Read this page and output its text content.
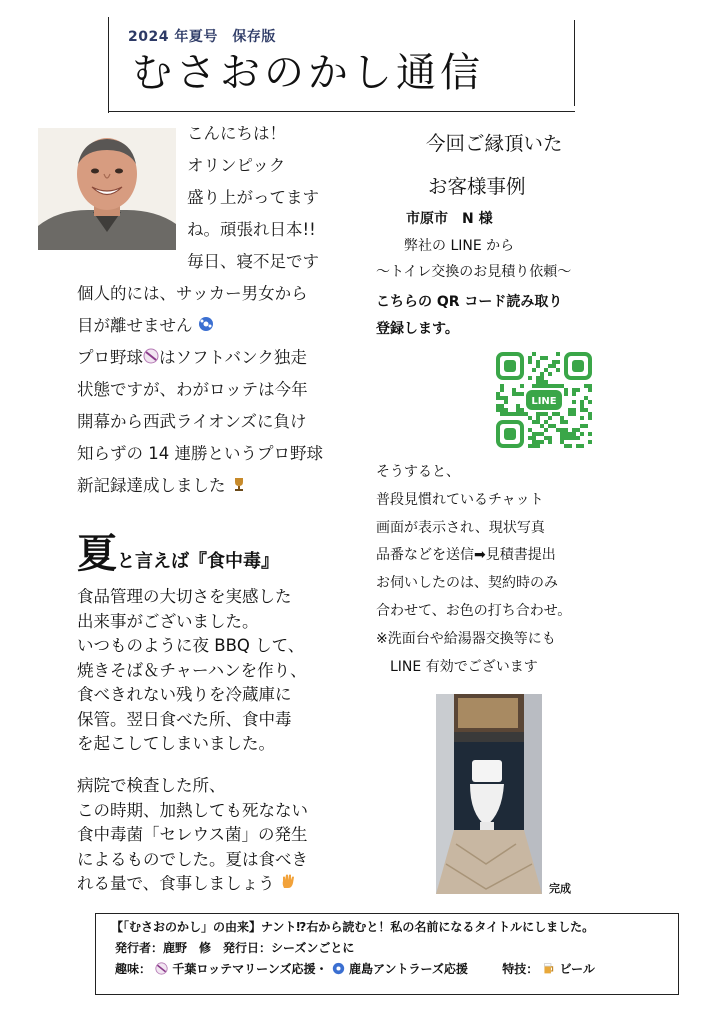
2024 年夏号　保存版
むさおのかし通信
こんにちは！
オリンピック
盛り上がってます
ね。頑張れ日本!!
毎日、寝不足です
個人的には、サッカー男女から
目が離せません
プロ野球 はソフトバンク独走
状態ですが、わがロッテは今年
開幕から西武ライオンズに負け
知らずの 14 連勝というプロ野球
新記録達成しました
夏と言えば『食中毒』
食品管理の大切さを実感した
出来事がございました。
いつものように夜 BBQ して、
焼きそば＆チャーハンを作り、
食べきれない残りを冷蔵庫に
保管。翌日食べた所、食中毒
を起こしてしまいました。
病院で検査した所、
この時期、加熱しても死なない
食中毒菌「セレウス菌」の発生
によるものでした。夏は食べき
れる量で、食事しましょう
今回ご縁頂いた
お客様事例
市原市　N 様
弊社の LINE から
～トイレ交換のお見積り依頼～
こちらの QR コード読み取り
登録します。
LINE
そうすると、
普段見慣れているチャット
画面が表示され、現状写真
品番などを送信➡見積書提出
お伺いしたのは、契約時のみ
合わせて、お色の打ち合わせ。
※洗面台や給湯器交換等にも
　LINE 有効でございます
完成
【「むさおのかし」の由来】ナント⁉右から読むと！私の名前になるタイトルにしました。
発行者：鹿野　修　発行日：シーズンごとに
趣味： 千葉ロッテマリーンズ応援・ 鹿島アントラーズ応援	特技： ビール
